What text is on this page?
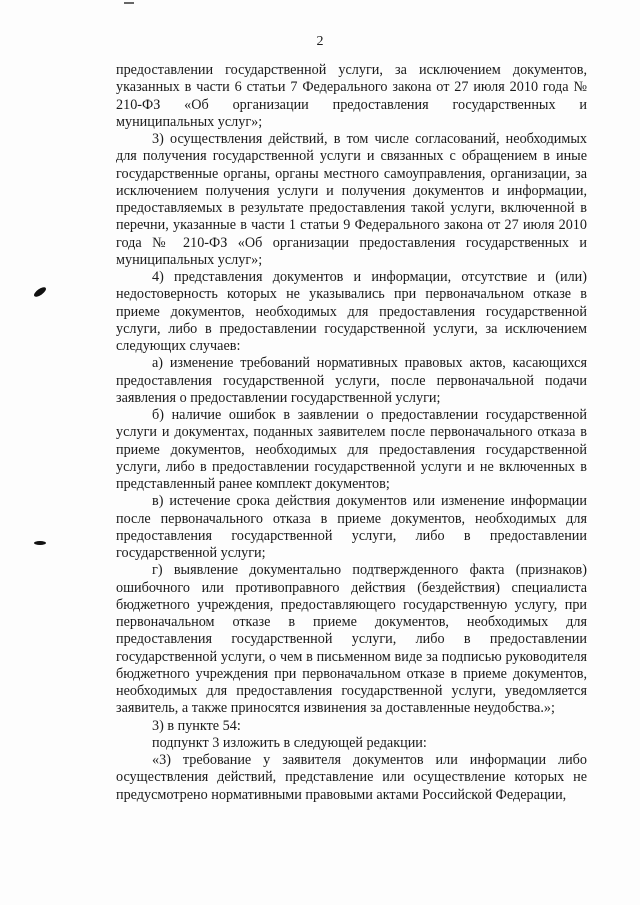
2

предоставлении государственной услуги, за исключением документов, указанных в части 6 статьи 7 Федерального закона от 27 июля 2010 года № 210-ФЗ «Об организации предоставления государственных и муниципальных услуг»;

3) осуществления действий, в том числе согласований, необходимых для получения государственной услуги и связанных с обращением в иные государственные органы, органы местного самоуправления, организации, за исключением получения услуги и получения документов и информации, предоставляемых в результате предоставления такой услуги, включенной в перечни, указанные в части 1 статьи 9 Федерального закона от 27 июля 2010 года № 210-ФЗ «Об организации предоставления государственных и муниципальных услуг»;

4) представления документов и информации, отсутствие и (или) недостоверность которых не указывались при первоначальном отказе в приеме документов, необходимых для предоставления государственной услуги, либо в предоставлении государственной услуги, за исключением следующих случаев:

а) изменение требований нормативных правовых актов, касающихся предоставления государственной услуги, после первоначальной подачи заявления о предоставлении государственной услуги;

б) наличие ошибок в заявлении о предоставлении государственной услуги и документах, поданных заявителем после первоначального отказа в приеме документов, необходимых для предоставления государственной услуги, либо в предоставлении государственной услуги и не включенных в представленный ранее комплект документов;

в) истечение срока действия документов или изменение информации после первоначального отказа в приеме документов, необходимых для предоставления государственной услуги, либо в предоставлении государственной услуги;

г) выявление документально подтвержденного факта (признаков) ошибочного или противоправного действия (бездействия) специалиста бюджетного учреждения, предоставляющего государственную услугу, при первоначальном отказе в приеме документов, необходимых для предоставления государственной услуги, либо в предоставлении государственной услуги, о чем в письменном виде за подписью руководителя бюджетного учреждения при первоначальном отказе в приеме документов, необходимых для предоставления государственной услуги, уведомляется заявитель, а также приносятся извинения за доставленные неудобства.»;

3) в пункте 54:

подпункт 3 изложить в следующей редакции:

«3) требование у заявителя документов или информации либо осуществления действий, представление или осуществление которых не предусмотрено нормативными правовыми актами Российской Федерации,
